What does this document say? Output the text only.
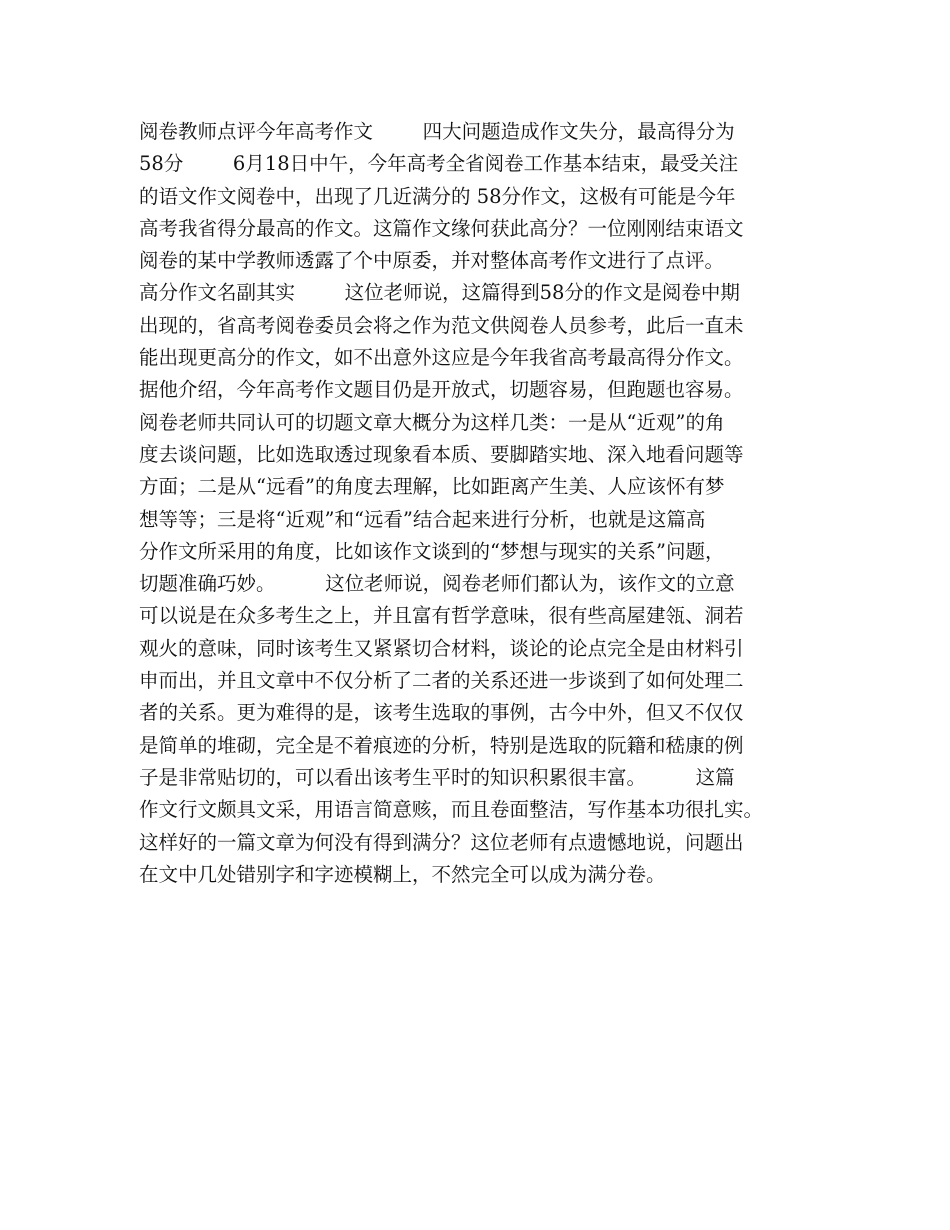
阅卷教师点评今年高考作文        四大问题造成作文失分，最高得分为
58分        6月18日中午，今年高考全省阅卷工作基本结束，最受关注
的语文作文阅卷中，出现了几近满分的 58分作文，这极有可能是今年
高考我省得分最高的作文。这篇作文缘何获此高分？一位刚刚结束语文
阅卷的某中学教师透露了个中原委，并对整体高考作文进行了点评。
高分作文名副其实        这位老师说，这篇得到58分的作文是阅卷中期
出现的，省高考阅卷委员会将之作为范文供阅卷人员参考，此后一直未
能出现更高分的作文，如不出意外这应是今年我省高考最高得分作文。
据他介绍，今年高考作文题目仍是开放式，切题容易，但跑题也容易。
阅卷老师共同认可的切题文章大概分为这样几类：一是从“近观”的角
度去谈问题，比如选取透过现象看本质、要脚踏实地、深入地看问题等
方面；二是从“远看”的角度去理解，比如距离产生美、人应该怀有梦
想等等；三是将“近观”和“远看”结合起来进行分析，也就是这篇高
分作文所采用的角度，比如该作文谈到的“梦想与现实的关系”问题，
切题准确巧妙。        这位老师说，阅卷老师们都认为，该作文的立意
可以说是在众多考生之上，并且富有哲学意味，很有些高屋建瓴、洞若
观火的意味，同时该考生又紧紧切合材料，谈论的论点完全是由材料引
申而出，并且文章中不仅分析了二者的关系还进一步谈到了如何处理二
者的关系。更为难得的是，该考生选取的事例，古今中外，但又不仅仅
是简单的堆砌，完全是不着痕迹的分析，特别是选取的阮籍和嵇康的例
子是非常贴切的，可以看出该考生平时的知识积累很丰富。        这篇
作文行文颇具文采，用语言简意赅，而且卷面整洁，写作基本功很扎实。
这样好的一篇文章为何没有得到满分？这位老师有点遗憾地说，问题出
在文中几处错别字和字迹模糊上，不然完全可以成为满分卷。
